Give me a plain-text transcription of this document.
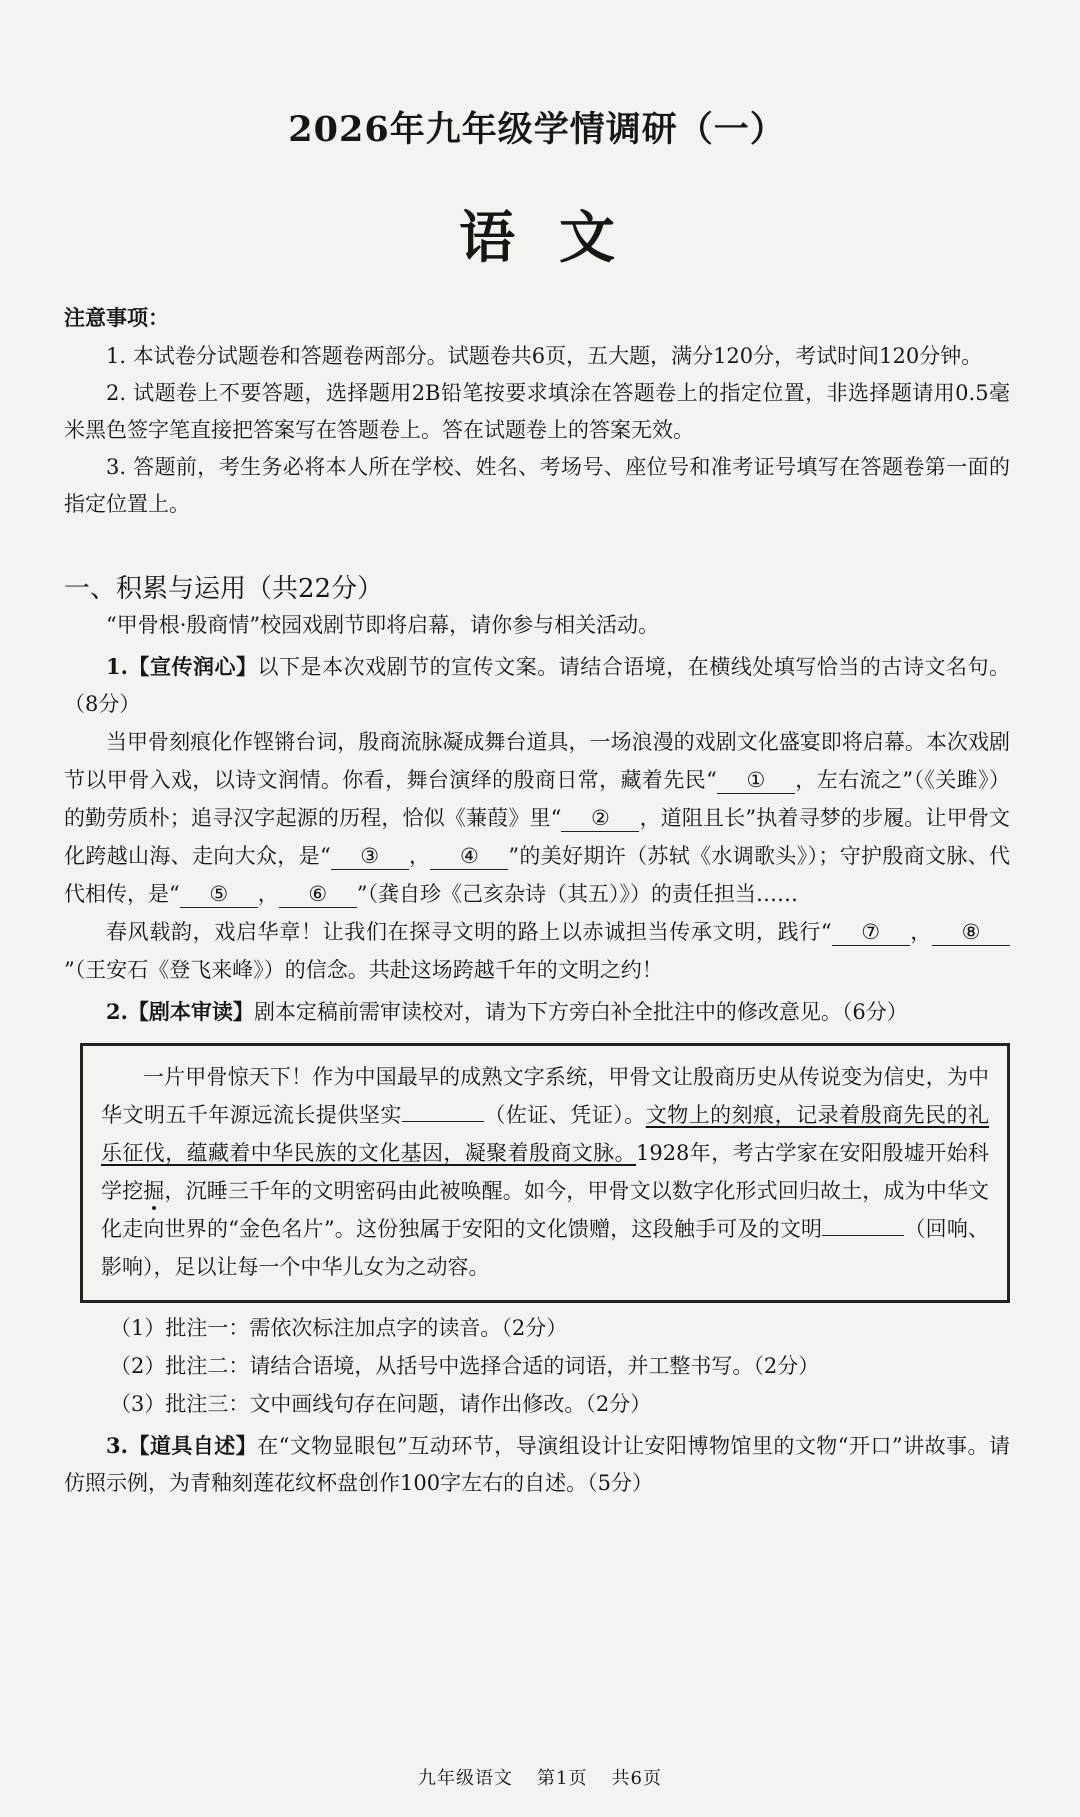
2026年九年级学情调研（一）
语文
注意事项：

1. 本试卷分试题卷和答题卷两部分。试题卷共6页，五大题，满分120分，考试时间120分钟。

2. 试题卷上不要答题，选择题用2B铅笔按要求填涂在答题卷上的指定位置，非选择题请用0.5毫米黑色签字笔直接把答案写在答题卷上。答在试题卷上的答案无效。

3. 答题前，考生务必将本人所在学校、姓名、考场号、座位号和准考证号填写在答题卷第一面的指定位置上。

一、积累与运用（共22分）

“甲骨根·殷商情”校园戏剧节即将启幕，请你参与相关活动。

1.【宣传润心】以下是本次戏剧节的宣传文案。请结合语境，在横线处填写恰当的古诗文名句。（8分）

当甲骨刻痕化作铿锵台词，殷商流脉凝成舞台道具，一场浪漫的戏剧文化盛宴即将启幕。本次戏剧节以甲骨入戏，以诗文润情。你看，舞台演绎的殷商日常，藏着先民“ ① ，左右流之”（《关雎》）的勤劳质朴；追寻汉字起源的历程，恰似《蒹葭》里“ ② ，道阻且长”执着寻梦的步履。让甲骨文化跨越山海、走向大众，是“ ③ ， ④ ”的美好期许（苏轼《水调歌头》）；守护殷商文脉、代代相传，是“ ⑤ ， ⑥ ”（龚自珍《己亥杂诗（其五）》）的责任担当……

春风载韵，戏启华章！让我们在探寻文明的路上以赤诚担当传承文明，践行“ ⑦ ， ⑧”（王安石《登飞来峰》）的信念。共赴这场跨越千年的文明之约！

2.【剧本审读】剧本定稿前需审读校对，请为下方旁白补全批注中的修改意见。（6分）

一片甲骨惊天下！作为中国最早的成熟文字系统，甲骨文让殷商历史从传说变为信史，为中华文明五千年源远流长提供坚实	（佐证、凭证）。文物上的刻痕，记录着殷商先民的礼乐征伐，蕴藏着中华民族的文化基因，凝聚着殷商文脉。1928年，考古学家在安阳殷墟开始科学挖掘，沉睡三千年的文明密码由此被唤醒。如今，甲骨文以数字化形式回归故土，成为中华文化走向世界的“金色名片”。这份独属于安阳的文化馈赠，这段触手可及的文明	（回响、影响），足以让每一个中华儿女为之动容。

（1）批注一：需依次标注加点字的读音。（2分）

（2）批注二：请结合语境，从括号中选择合适的词语，并工整书写。（2分）

（3）批注三：文中画线句存在问题，请作出修改。（2分）

3.【道具自述】在“文物显眼包”互动环节，导演组设计让安阳博物馆里的文物“开口”讲故事。请仿照示例，为青釉刻莲花纹杯盘创作100字左右的自述。（5分）

九年级语文 第1页 共6页
